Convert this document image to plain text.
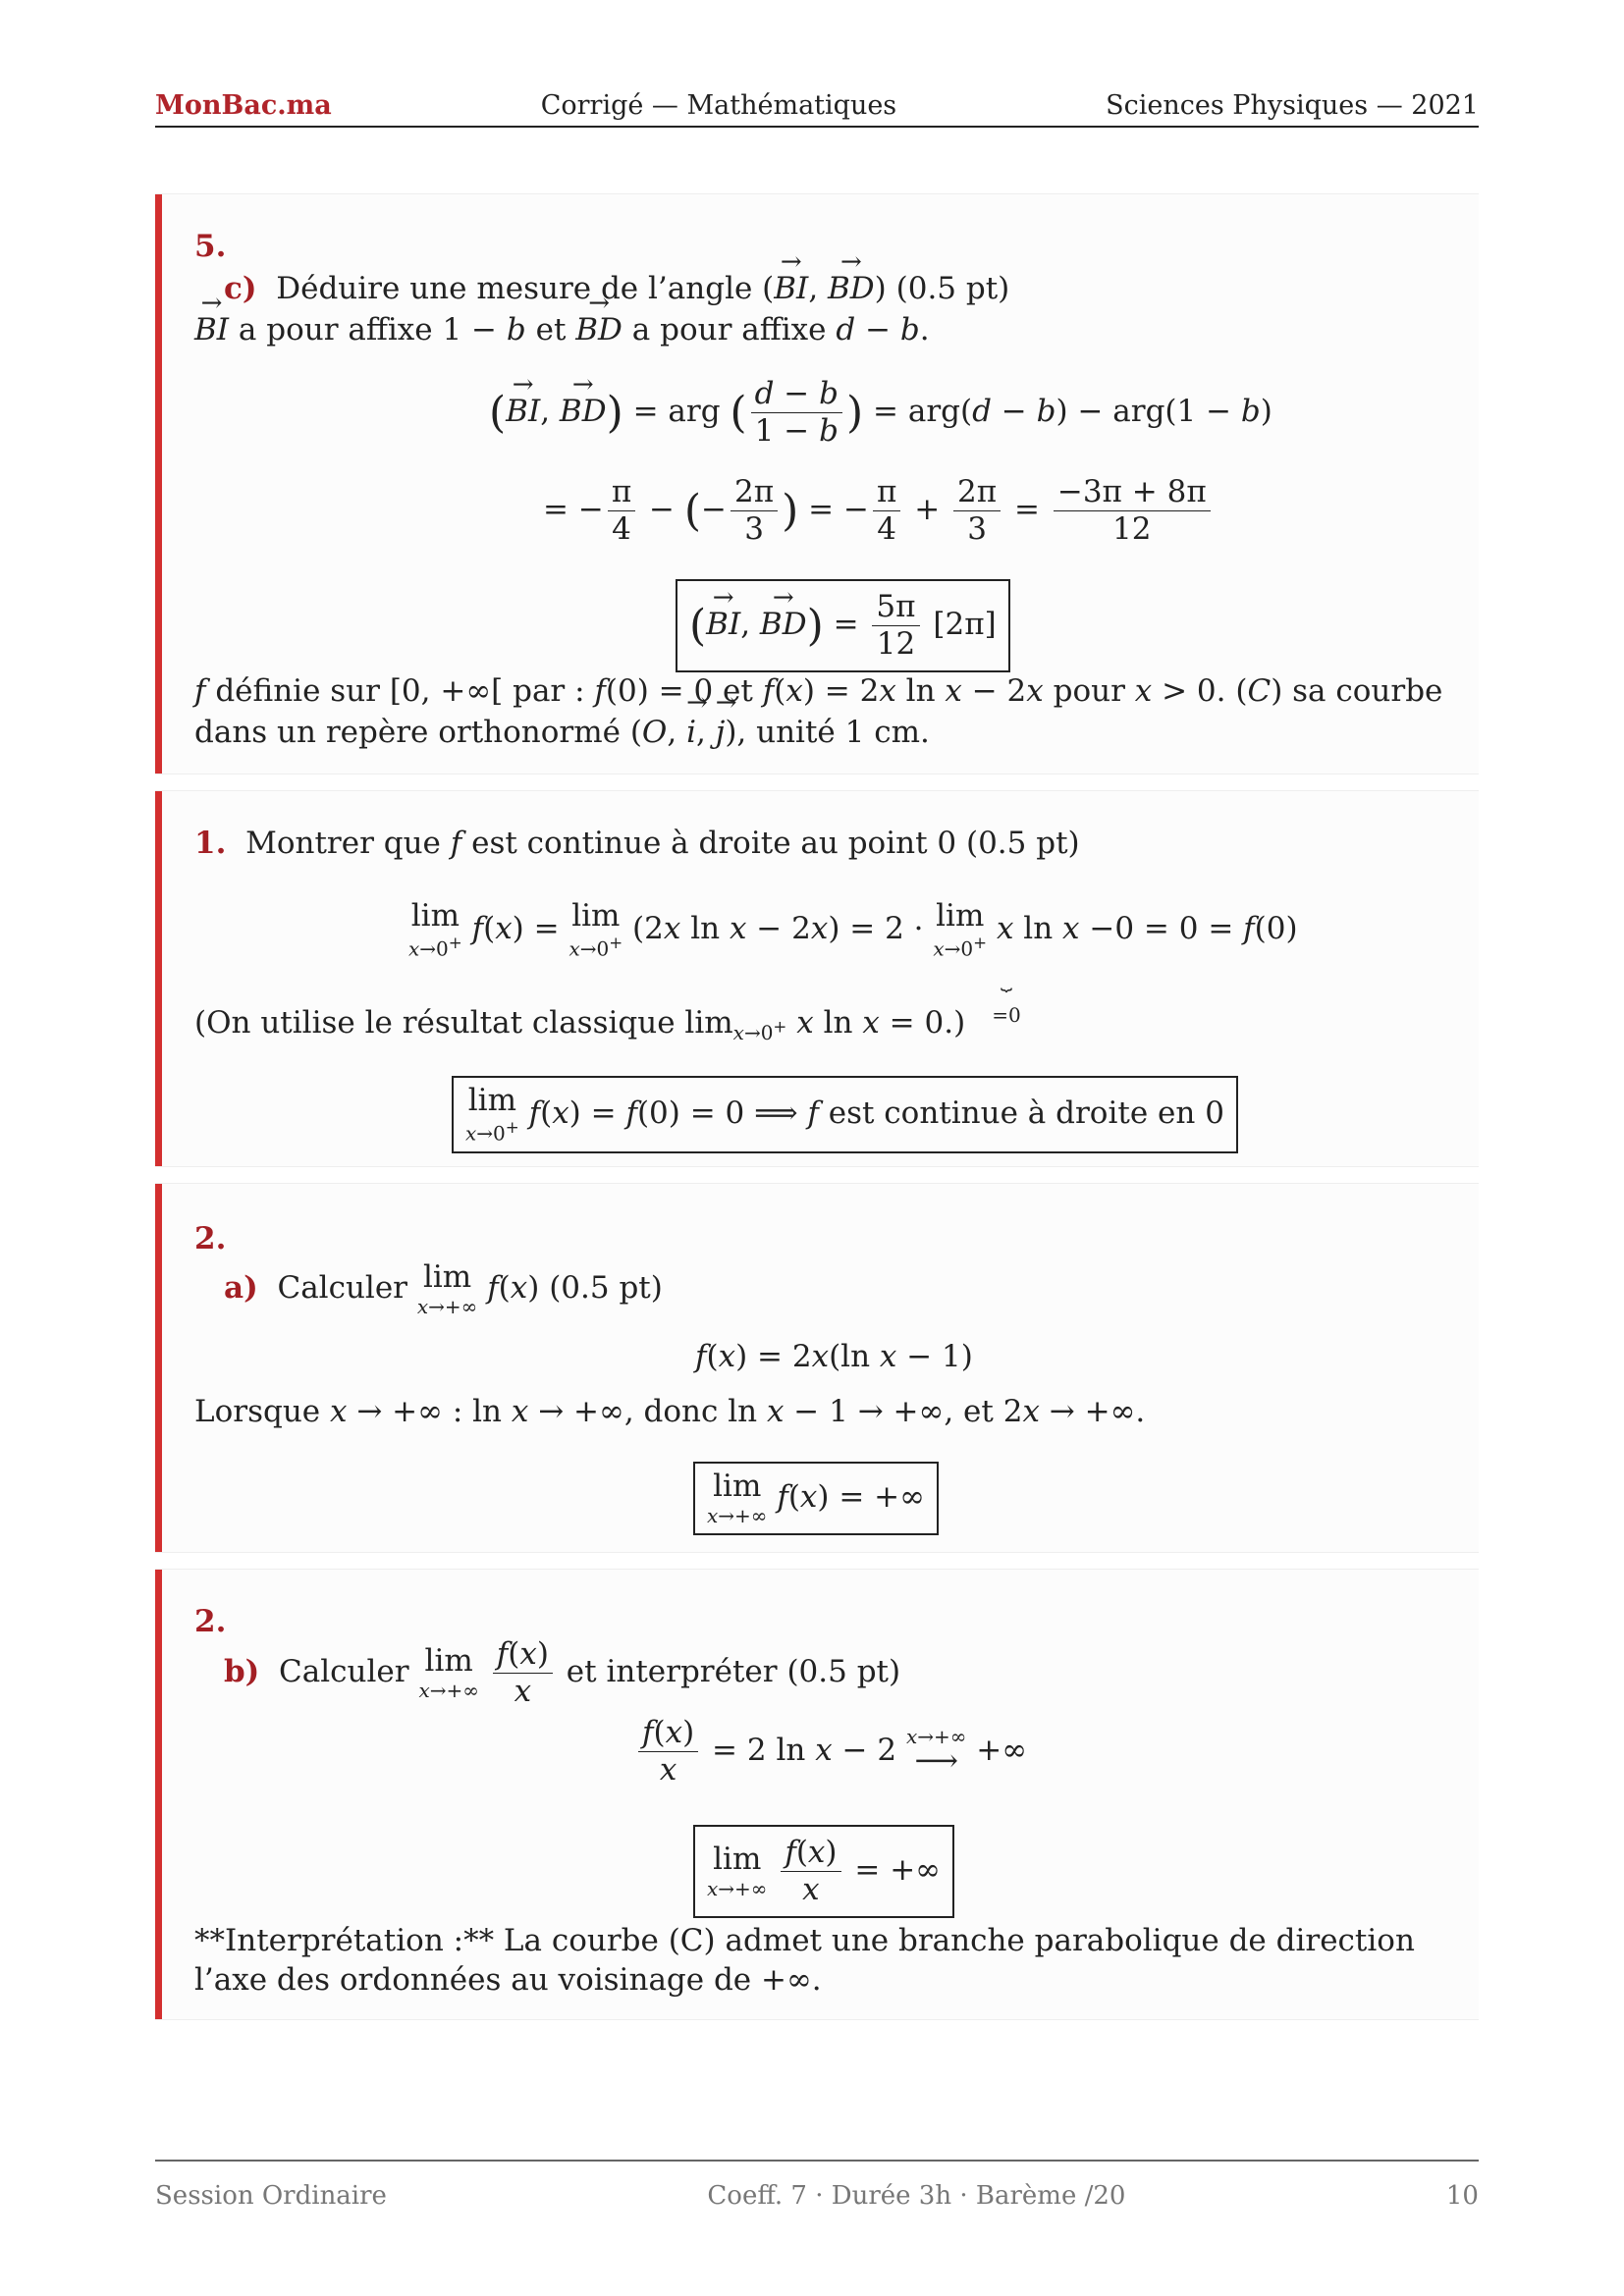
MonBac.ma	Corrigé — Mathématiques	Sciences Physiques — 2021
5.
c)  Déduire une mesure de l’angle (→ BI, → BD) (0.5 pt)
→ BI a pour affixe 1 − b et → BD a pour affixe d − b.
(→ BI, → BD) = arg ( $\frac{d - b}{1 - b}$ ) = arg(d − b) − arg(1 − b)
= − $\frac{\pi}{4}$ − (− $\frac{2\pi}{3}$ ) = − $\frac{\pi}{4} + \frac{2\pi}{3} = \frac{-3\pi + 8\pi}{12}$
(→ BI, → $BD) = \frac{5\pi}{12} [2\pi]$
f définie sur [0, +∞[ par : f(0) = 0 et f(x) = 2x ln x − 2x pour x > 0. (C) sa courbe dans un repère orthonormé (O, → i, → j), unité 1 cm.
1.  Montrer que f est continue à droite au point 0 (0.5 pt)
lim
x→0+ f(x) = lim
x→0+ (2x ln x − 2x) = 2 · lim
x→0+ x ln x
⏟
=0 −0 = 0 = f(0)
(On utilise le résultat classique $\lim_{x\to 0^+} x$ ln x = 0.)
lim
x→0+ f(x) = f(0) = 0 ⟹ f est continue à droite en 0
2.
a)  Calculer lim
x→+∞
f(x) (0.5 pt)
f(x) = 2x(ln x − 1)
Lorsque x → +∞ : ln x → +∞, donc ln x − 1 → +∞, et 2x → +∞.
lim
x→+∞
f(x) = +∞
2.
b)  Calculer lim
x→+∞
$\frac{f(x)}{x}$ et interpréter (0.5 pt)
$\frac{f(x)}{x} = 2$ ln x − 2 x→+∞
⟶ +∞
lim
x→+∞
$\frac{f(x)}{x}$ = +∞
**Interprétation :** La courbe (C) admet une branche parabolique de direction l’axe des ordonnées au voisinage de +∞.
Session Ordinaire	Coeff. 7 · Durée 3h · Barème /20	10
